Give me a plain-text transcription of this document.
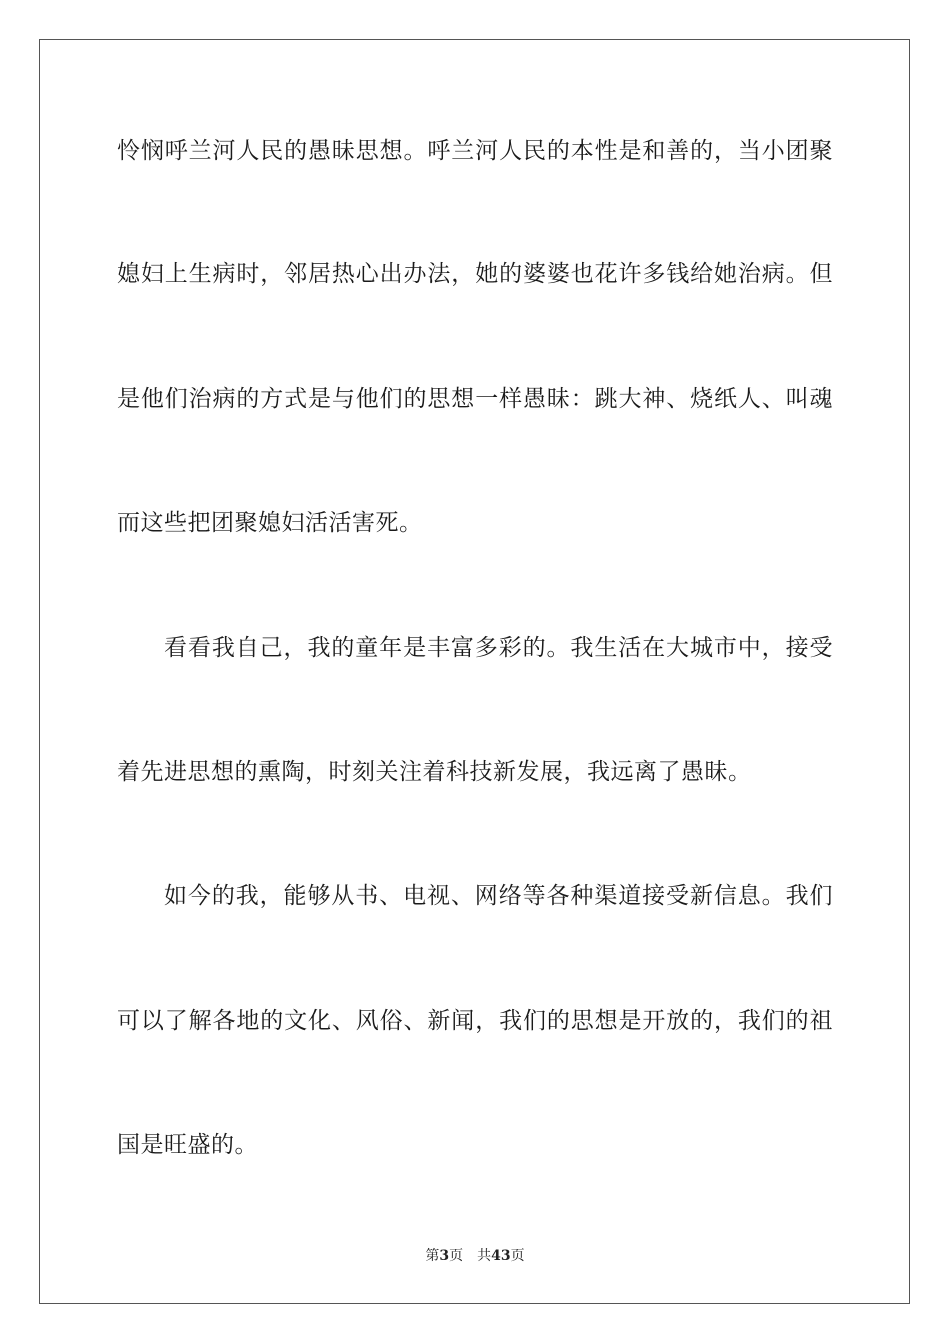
怜悯呼兰河人民的愚昧思想。呼兰河人民的本性是和善的，当小团聚
媳妇上生病时，邻居热心出办法，她的婆婆也花许多钱给她治病。但
是他们治病的方式是与他们的思想一样愚昧：跳大神、烧纸人、叫魂
而这些把团聚媳妇活活害死。
看看我自己，我的童年是丰富多彩的。我生活在大城市中，接受
着先进思想的熏陶，时刻关注着科技新发展，我远离了愚昧。
如今的我，能够从书、电视、网络等各种渠道接受新信息。我们
可以了解各地的文化、风俗、新闻，我们的思想是开放的，我们的祖
国是旺盛的。
第3页 共43页
